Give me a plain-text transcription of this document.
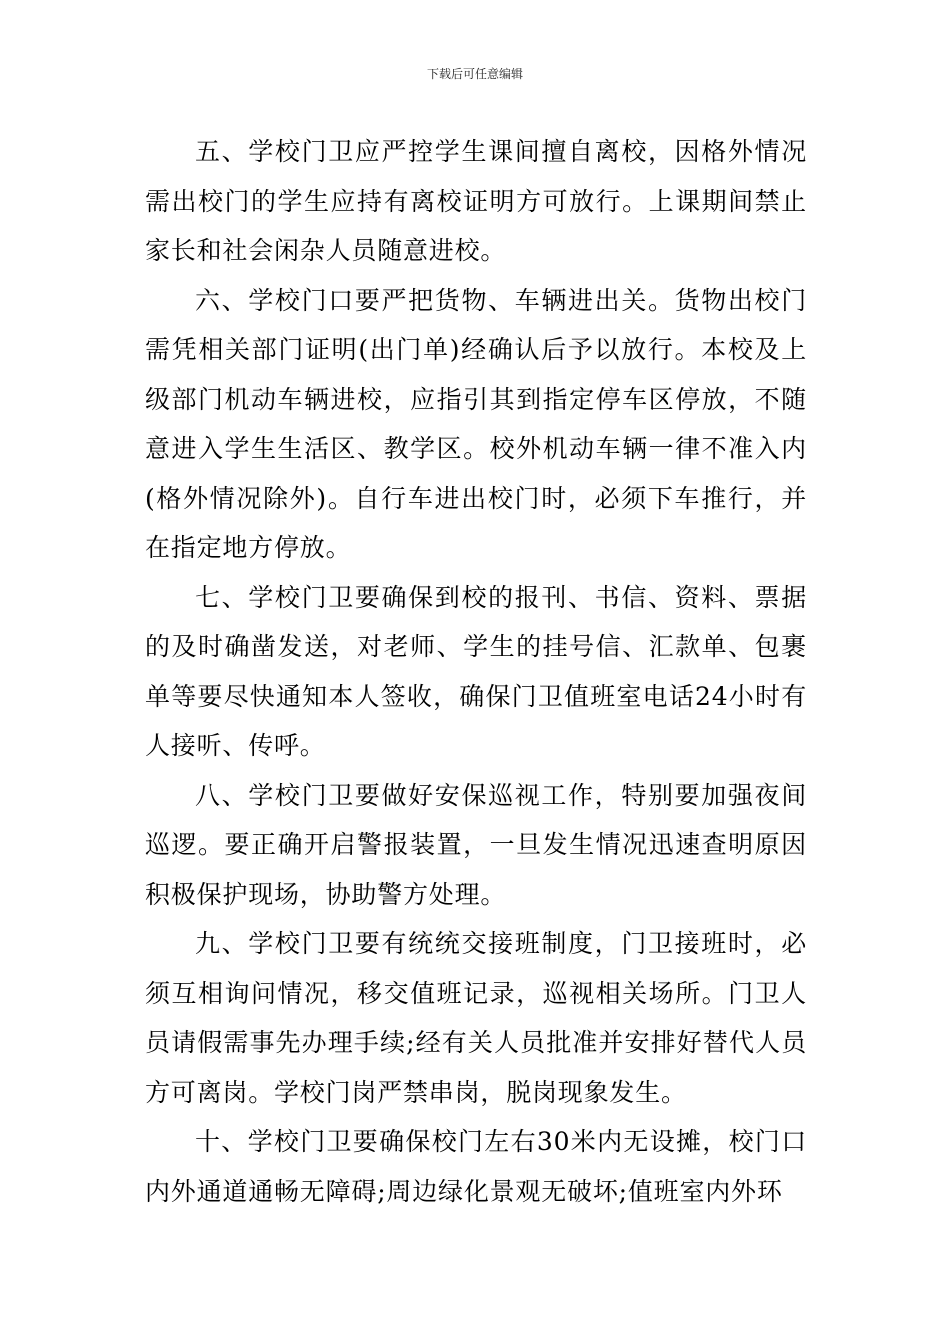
下载后可任意编辑

五、学校门卫应严控学生课间擅自离校，因格外情况需出校门的学生应持有离校证明方可放行。上课期间禁止家长和社会闲杂人员随意进校。

六、学校门口要严把货物、车辆进出关。货物出校门需凭相关部门证明(出门单)经确认后予以放行。本校及上级部门机动车辆进校，应指引其到指定停车区停放，不随意进入学生生活区、教学区。校外机动车辆一律不准入内(格外情况除外)。自行车进出校门时，必须下车推行，并在指定地方停放。

七、学校门卫要确保到校的报刊、书信、资料、票据的及时确凿发送，对老师、学生的挂号信、汇款单、包裹单等要尽快通知本人签收，确保门卫值班室电话24小时有人接听、传呼。

八、学校门卫要做好安保巡视工作，特别要加强夜间巡逻。要正确开启警报装置，一旦发生情况迅速查明原因积极保护现场，协助警方处理。

九、学校门卫要有统统交接班制度，门卫接班时，必须互相询问情况，移交值班记录，巡视相关场所。门卫人员请假需事先办理手续;经有关人员批准并安排好替代人员方可离岗。学校门岗严禁串岗，脱岗现象发生。

十、学校门卫要确保校门左右30米内无设摊，校门口内外通道通畅无障碍;周边绿化景观无破坏;值班室内外环
